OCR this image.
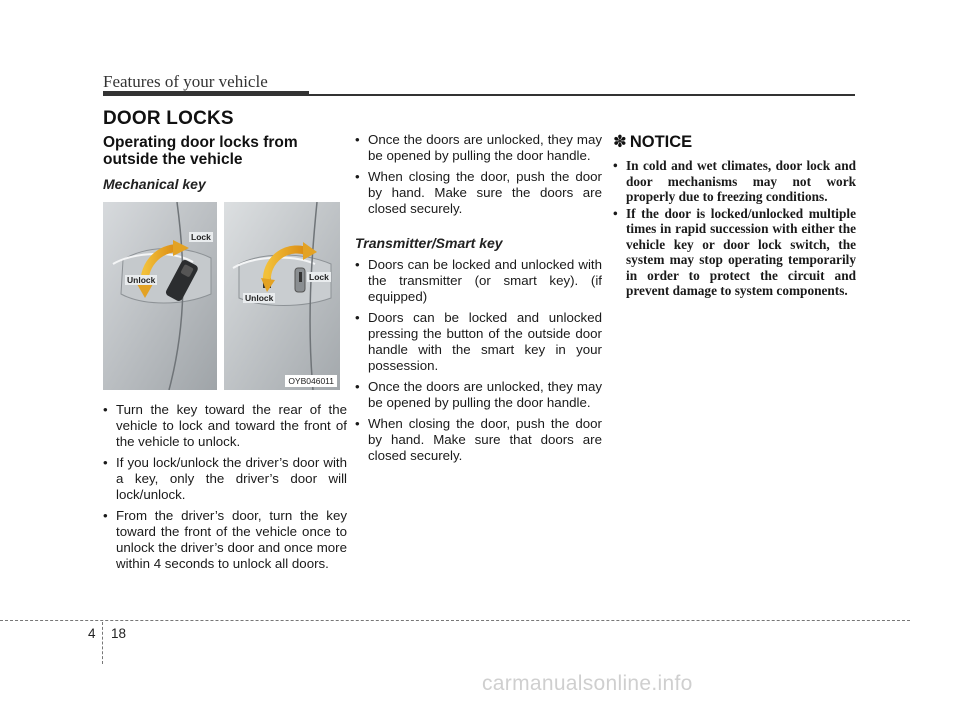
Features of your vehicle
DOOR LOCKS
Operating door locks from outside the vehicle
Mechanical key
Lock
Unlock	Lock
Unlock
OYB046011
• Turn the key toward the rear of the vehicle to lock and toward the front of the vehicle to unlock.
• If you lock/unlock the driver’s door with a key, only the driver’s door will lock/unlock.
• From the driver’s door, turn the key toward the front of the vehicle once to unlock the driver’s door and once more within 4 seconds to unlock all doors.
• Once the doors are unlocked, they may be opened by pulling the door handle.
• When closing the door, push the door by hand. Make sure the doors are closed securely.
Transmitter/Smart key
• Doors can be locked and unlocked with the transmitter (or smart key). (if equipped)
• Doors can be locked and unlocked pressing the button of the outside door handle with the smart key in your possession.
• Once the doors are unlocked, they may be opened by pulling the door handle.
• When closing the door, push the door by hand. Make sure that doors are closed securely.
✽ NOTICE
• In cold and wet climates, door lock and door mechanisms may not work properly due to freezing conditions.
• If the door is locked/unlocked multiple times in rapid succession with either the vehicle key or door lock switch, the system may stop operating temporarily in order to protect the circuit and prevent damage to system components.
4 18
carmanualsonline.info
